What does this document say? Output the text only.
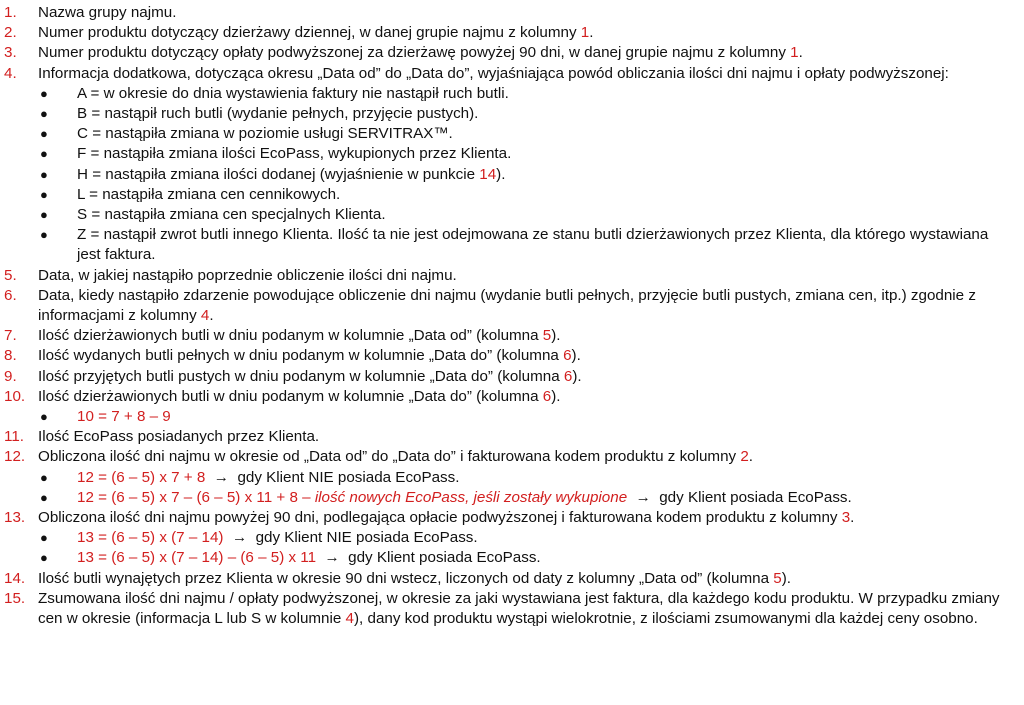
1.	Nazwa grupy najmu.
2.	Numer produktu dotyczący dzierżawy dziennej, w danej grupie najmu z kolumny 1.
3.	Numer produktu dotyczący opłaty podwyższonej za dzierżawę powyżej 90 dni, w danej grupie najmu z kolumny 1.
4.	Informacja dodatkowa, dotycząca okresu „Data od” do „Data do”, wyjaśniająca powód obliczania ilości dni najmu i opłaty podwyższonej:
● A = w okresie do dnia wystawienia faktury nie nastąpił ruch butli.
● B = nastąpił ruch butli (wydanie pełnych, przyjęcie pustych).
● C = nastąpiła zmiana w poziomie usługi SERVITRAX™.
● F = nastąpiła zmiana ilości EcoPass, wykupionych przez Klienta.
● H = nastąpiła zmiana ilości dodanej (wyjaśnienie w punkcie 14).
● L = nastąpiła zmiana cen cennikowych.
● S = nastąpiła zmiana cen specjalnych Klienta.
● Z = nastąpił zwrot butli innego Klienta. Ilość ta nie jest odejmowana ze stanu butli dzierżawionych przez Klienta, dla którego wystawiana jest faktura.
5.	Data, w jakiej nastąpiło poprzednie obliczenie ilości dni najmu.
6.	Data, kiedy nastąpiło zdarzenie powodujące obliczenie dni najmu (wydanie butli pełnych, przyjęcie butli pustych, zmiana cen, itp.) zgodnie z informacjami z kolumny 4.
7.	Ilość dzierżawionych butli w dniu podanym w kolumnie „Data od” (kolumna 5).
8.	Ilość wydanych butli pełnych w dniu podanym w kolumnie „Data do” (kolumna 6).
9.	Ilość przyjętych butli pustych w dniu podanym w kolumnie „Data do” (kolumna 6).
10. Ilość dzierżawionych butli w dniu podanym w kolumnie „Data do” (kolumna 6).
● 10 = 7 + 8 – 9
11. Ilość EcoPass posiadanych przez Klienta.
12. Obliczona ilość dni najmu w okresie od „Data od” do „Data do” i fakturowana kodem produktu z kolumny 2.
● 12 = (6 – 5) x 7 + 8 → gdy Klient NIE posiada EcoPass.
● 12 = (6 – 5) x 7 – (6 – 5) x 11 + 8 – ilość nowych EcoPass, jeśli zostały wykupione → gdy Klient posiada EcoPass.
13. Obliczona ilość dni najmu powyżej 90 dni, podlegająca opłacie podwyższonej i fakturowana kodem produktu z kolumny 3.
● 13 = (6 – 5) x (7 – 14) → gdy Klient NIE posiada EcoPass.
● 13 = (6 – 5) x (7 – 14) – (6 – 5) x 11 → gdy Klient posiada EcoPass.
14. Ilość butli wynajętych przez Klienta w okresie 90 dni wstecz, liczonych od daty z kolumny „Data od” (kolumna 5).
15. Zsumowana ilość dni najmu / opłaty podwyższonej, w okresie za jaki wystawiana jest faktura, dla każdego kodu produktu. W przypadku zmiany cen w okresie (informacja L lub S w kolumnie 4), dany kod produktu wystąpi wielokrotnie, z ilościami zsumowanymi dla każdej ceny osobno.
